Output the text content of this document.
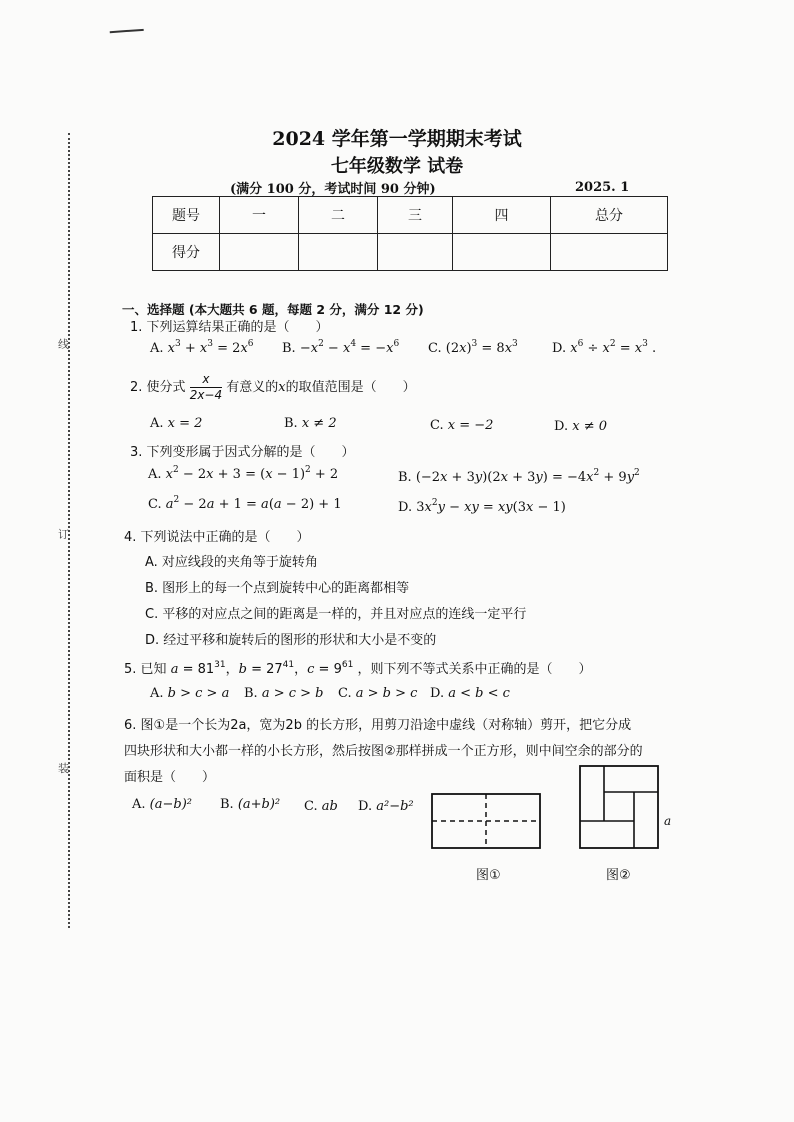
线
订
装
2024 学年第一学期期末考试
七年级数学 试卷
(满分 100 分，考试时间 90 分钟)	2025. 1
题号	一	二	三	四	总分
得分					
一、选择题 (本大题共 6 题，每题 2 分，满分 12 分)
1. 下列运算结果正确的是（　　）
A. $x^3 + x^3 = 2x^6$ B. $-x^2 - x^4 = -x^6$ C. $(2x)^3 = 8x^3$	D. $x^6 \div x^2 = x^3$ .
2. 使分式 $\frac{x}{2x-4}$ 有意义的x的取值范围是（　　）
A. x = 2	B. x ≠ 2	C. x = −2	D. x ≠ 0
3. 下列变形属于因式分解的是（　　）
A. $x^2 - 2x + 3 = (x - 1)^2 + 2$	B. $(-2x + 3y)(2x + 3y) = -4x^2 + 9y^2$
C. $a^2 - 2a + 1 = a(a - 2) + 1$	D. $3x^2y$ − xy = xy(3x − 1)
4. 下列说法中正确的是（　　）
A. 对应线段的夹角等于旋转角
B. 图形上的每一个点到旋转中心的距离都相等
C. 平移的对应点之间的距离是一样的，并且对应点的连线一定平行
D. 经过平移和旋转后的图形的形状和大小是不变的
5. 已知 $a = 81^{31}$，$b = 27^{41}$，$c = 9^{61}$ ，则下列不等式关系中正确的是（　　）
A. b > c > a B. a > c > b C. a > b > c D. a < b < c
6. 图①是一个长为2a，宽为2b 的长方形，用剪刀沿途中虚线（对称轴）剪开，把它分成
四块形状和大小都一样的小长方形，然后按图②那样拼成一个正方形，则中间空余的部分的
面积是（　　）
A. (a−b)² B. (a+b)² C. ab D. a²−b²
图①
a
图②
